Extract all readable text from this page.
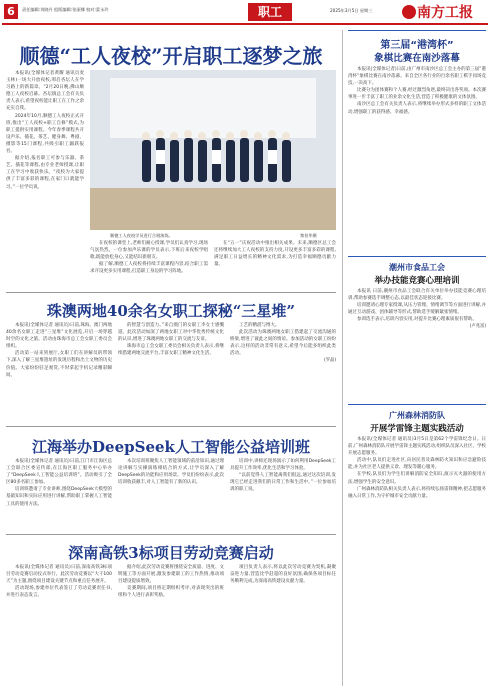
6	责任编辑:刘晓丹 组版编辑:张丽娜 校对:蒙永玲	职工	2025年3月5日 星期三	南方工报
顺德“工人夜校”开启职工逐梦之旅

本报讯(全媒体记者黄耀 通讯员麦玉林)一场大开放夜校,叩启杏坛人在学习路上的新篇章。“2月20日晚,佛山顺德工人夜校启幕。杏坛镇总工会有关负责人表示,希望夜校能让职工在工作之余充实自我。

2024年10月,顺德工人夜校正式开班,推出“工人夜校+职工自修”模式,为职工提供实用课程。今年春季课程共开设声乐、插花、茶艺、健身舞、粤剧、摄影等15门课程,共吸引职工踊跃报名。

据介绍,报名职工可参与乐器、茶艺、插花等课程,由专业老师授课,让职工在学习中收获快乐。“夜校为大家提供了丰富多彩的课程,在家门口就能学习。”一位学员说。

顺德工人夜校学员进行合唱演练。	黎伯华摄

在夜校的课堂上,老师们耐心授课,学员们认真学习,现场气氛热烈。一位参加声乐课的学员表示,下班后来夜校学唱歌,既能放松身心,又能结识新朋友。

据了解,顺德工人夜校将持续丰富课程内容,结合职工需求开设更多实用课程,打造职工身边的学习阵地。

在“五一”庆祝活动中推出相关成果。未来,顺德区总工会还将继续加大工人夜校的支持力度,开设更多丰富多彩的课程,满足职工日益增长的精神文化需求,为打造幸福顺德贡献力量。

珠澳两地40余名女职工探秘“三星堆”

本报讯(全媒体记者 通讯员)日前,珠海、澳门两地40余名女职工走进“三星堆”文化展览,开启一场穿越时空的文化之旅。活动由珠海市总工会女职工委员会组织。

活动第一站来到展厅,女职工们在讲解员的带领下,深入了解三星堆遗址的发现历程和出土文物的历史价值。大家纷纷驻足观赏,不时拿起手机记录精彩瞬间。

的智慧与创造力。”来自澳门的女职工李女士感慨道。此次活动加深了两地女职工对中华优秀传统文化的认识,增进了珠澳两地女职工的交流与友谊。

珠海市总工会女职工委员会相关负责人表示,将继续搭建两地交流平台,丰富女职工精神文化生活。

工艺的精湛与博大。

此次活动为珠澳两地女职工搭建起了交流沟通的桥梁,增进了彼此之间的情谊。参加活动的女职工纷纷表示,这样的活动非常有意义,希望今后能多组织此类活动。

(罗晶)
江海举办DeepSeek人工智能公益培训班

本报讯(全媒体记者 通讯员)日前,江门市江海区总工会联合区委宣传部,在江海区职工服务中心举办了“DeepSeek人工智能公益培训班”。活动吸引了全区80多名职工参加。

培训班邀请了专业讲师,围绕DeepSeek大模型的基础知识和实际应用进行讲解,帮助职工掌握人工智能工具的使用方法。

本次培训班聚焦人工智能领域的前沿知识,通过理论讲解与实操演练相结合的方式,让学员深入了解DeepSeek的功能和应用场景。学员们纷纷表示,此次培训收获颇丰,对人工智能有了新的认识。

培训中,讲师还现场演示了如何利用DeepSeek工具提升工作效率,优化生活和学习体验。

“以前觉得人工智能离我们很远,通过这次培训,发现它已经走进我们的日常工作和生活中。”一位参加培训的职工说。

深南高铁3标项目劳动竞赛启动

本报讯(全媒体记者 通讯员)日前,深南高铁3标项目劳动竞赛启动仪式举行。此次劳动竞赛以“大干100天”为主题,围绕项目建设关键节点和重点任务展开。

活动现场,参建单位代表签订了劳动竞赛责任书,并进行表态发言。

据介绍,此次劳动竞赛将围绕安全质量、进度、文明施工等方面开展,激发参建职工的工作热情,推动项目建设提质增效。

竞赛期间,项目将定期组织考评,对表现突出的班组和个人进行表彰奖励。

项目负责人表示,将以此次劳动竞赛为契机,凝聚奋进力量,营造比学赶超的良好氛围,确保各项目标任务顺利完成,为深南高铁建设贡献力量。

第三届“港湾杯”
象棋比赛在南沙落幕

本报讯(全媒体记者)日前,由广州市南沙区总工会主办的第三届“港湾杯”象棋比赛在南沙落幕。来自全区各行业的百余名职工棋手同场竞技,一决高下。

比赛分为团体赛和个人赛,经过激烈角逐,最终决出各奖项。本次赛事进一步丰富了职工的业余文化生活,营造了积极健康的文体氛围。

南沙区总工会有关负责人表示,将继续举办形式多样的职工文体活动,增强职工的获得感、幸福感。

潮州市食品工会
举办技能竞赛心理培训

本报讯 日前,潮州市食品工会联合有关单位举办技能竞赛心理培训,帮助参赛选手调整心态,以最佳状态迎接比赛。

培训邀请心理专家授课,从压力管理、情绪调节等方面进行讲解,并通过互动游戏、团体辅导等形式,帮助选手缓解紧张情绪。

参训选手表示,培训内容实用,对提升比赛心理素质很有帮助。

(卢兆富)
广州森林消防队
开展学雷锋主题实践活动

本报讯(全媒体记者 通讯员)3月5日是第62个学雷锋纪念日。日前,广州森林消防队开展学雷锋主题实践活动,组织队员深入社区、学校开展志愿服务。

活动中,队员们走进社区,向居民普及森林防火知识和应急避险技能,并为社区老人提供义诊、理发等暖心服务。

在学校,队员们为学生们讲解消防安全知识,演示灭火器的使用方法,增强学生的安全意识。

广州森林消防队相关负责人表示,将持续弘扬雷锋精神,把志愿服务融入日常工作,为守护城市安全贡献力量。
